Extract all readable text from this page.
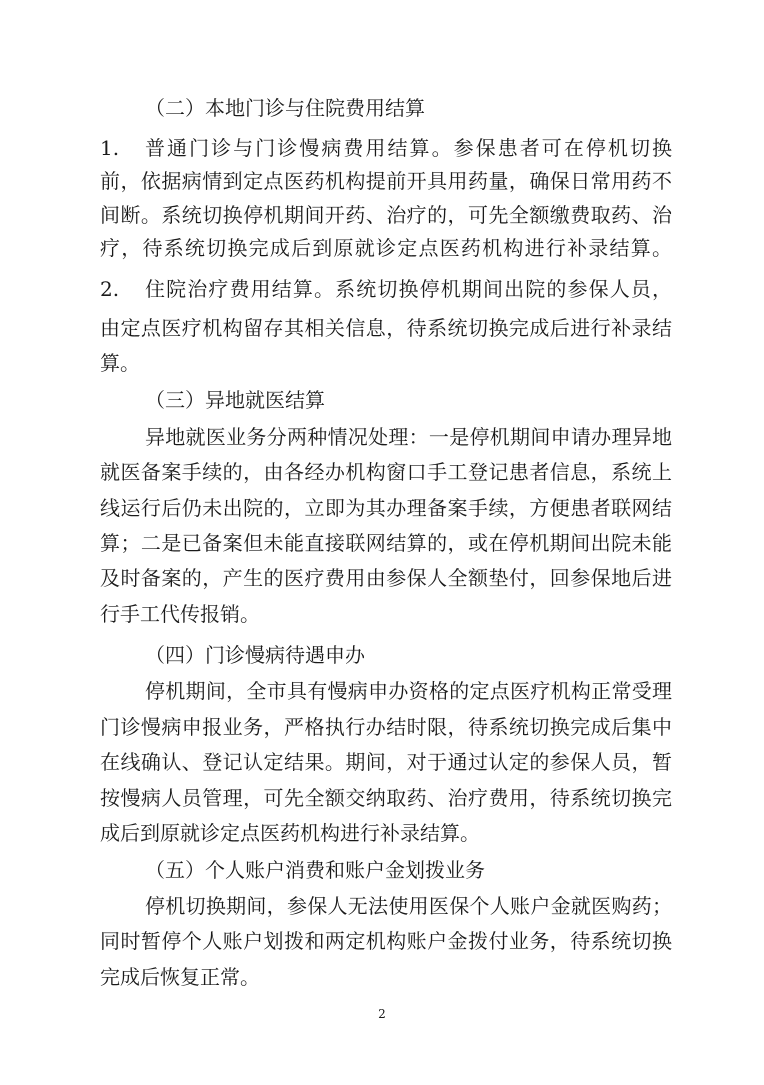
（二）本地门诊与住院费用结算
1.	普通门诊与门诊慢病费用结算。参保患者可在停机切换
前，依据病情到定点医药机构提前开具用药量，确保日常用药不
间断。系统切换停机期间开药、治疗的，可先全额缴费取药、治
疗，待系统切换完成后到原就诊定点医药机构进行补录结算。
2.	住院治疗费用结算。系统切换停机期间出院的参保人员，
由定点医疗机构留存其相关信息，待系统切换完成后进行补录结
算。
（三）异地就医结算
异地就医业务分两种情况处理：一是停机期间申请办理异地
就医备案手续的，由各经办机构窗口手工登记患者信息，系统上
线运行后仍未出院的，立即为其办理备案手续，方便患者联网结
算；二是已备案但未能直接联网结算的，或在停机期间出院未能
及时备案的，产生的医疗费用由参保人全额垫付，回参保地后进
行手工代传报销。
（四）门诊慢病待遇申办
停机期间，全市具有慢病申办资格的定点医疗机构正常受理
门诊慢病申报业务，严格执行办结时限，待系统切换完成后集中
在线确认、登记认定结果。期间，对于通过认定的参保人员，暂
按慢病人员管理，可先全额交纳取药、治疗费用，待系统切换完
成后到原就诊定点医药机构进行补录结算。
（五）个人账户消费和账户金划拨业务
停机切换期间，参保人无法使用医保个人账户金就医购药；
同时暂停个人账户划拨和两定机构账户金拨付业务，待系统切换
完成后恢复正常。
2
